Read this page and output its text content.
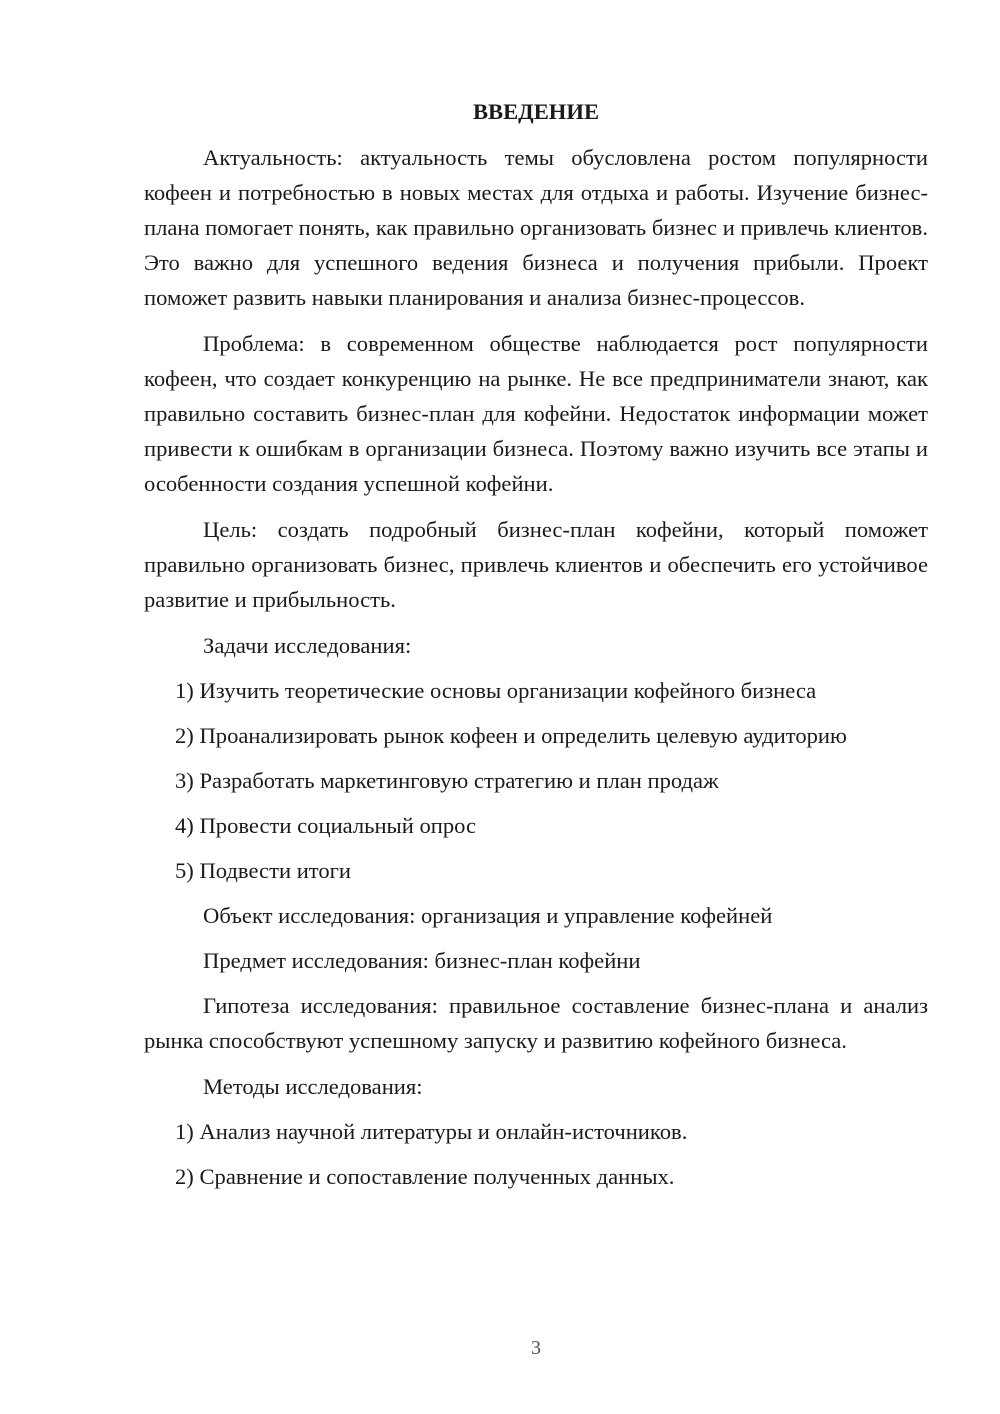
ВВЕДЕНИЕ

Актуальность: актуальность темы обусловлена ростом популярности кофеен и потребностью в новых местах для отдыха и работы. Изучение бизнес-плана помогает понять, как правильно организовать бизнес и привлечь клиентов. Это важно для успешного ведения бизнеса и получения прибыли. Проект поможет развить навыки планирования и анализа бизнес-процессов.

Проблема: в современном обществе наблюдается рост популярности кофеен, что создает конкуренцию на рынке. Не все предприниматели знают, как правильно составить бизнес-план для кофейни. Недостаток информации может привести к ошибкам в организации бизнеса. Поэтому важно изучить все этапы и особенности создания успешной кофейни.

Цель: создать подробный бизнес-план кофейни, который поможет правильно организовать бизнес, привлечь клиентов и обеспечить его устойчивое развитие и прибыльность.

Задачи исследования:

1) Изучить теоретические основы организации кофейного бизнеса

2) Проанализировать рынок кофеен и определить целевую аудиторию

3) Разработать маркетинговую стратегию и план продаж

4) Провести социальный опрос

5) Подвести итоги

Объект исследования: организация и управление кофейней

Предмет исследования: бизнес-план кофейни

Гипотеза исследования: правильное составление бизнес-плана и анализ рынка способствуют успешному запуску и развитию кофейного бизнеса.

Методы исследования:

1) Анализ научной литературы и онлайн-источников.

2) Сравнение и сопоставление полученных данных.

3
